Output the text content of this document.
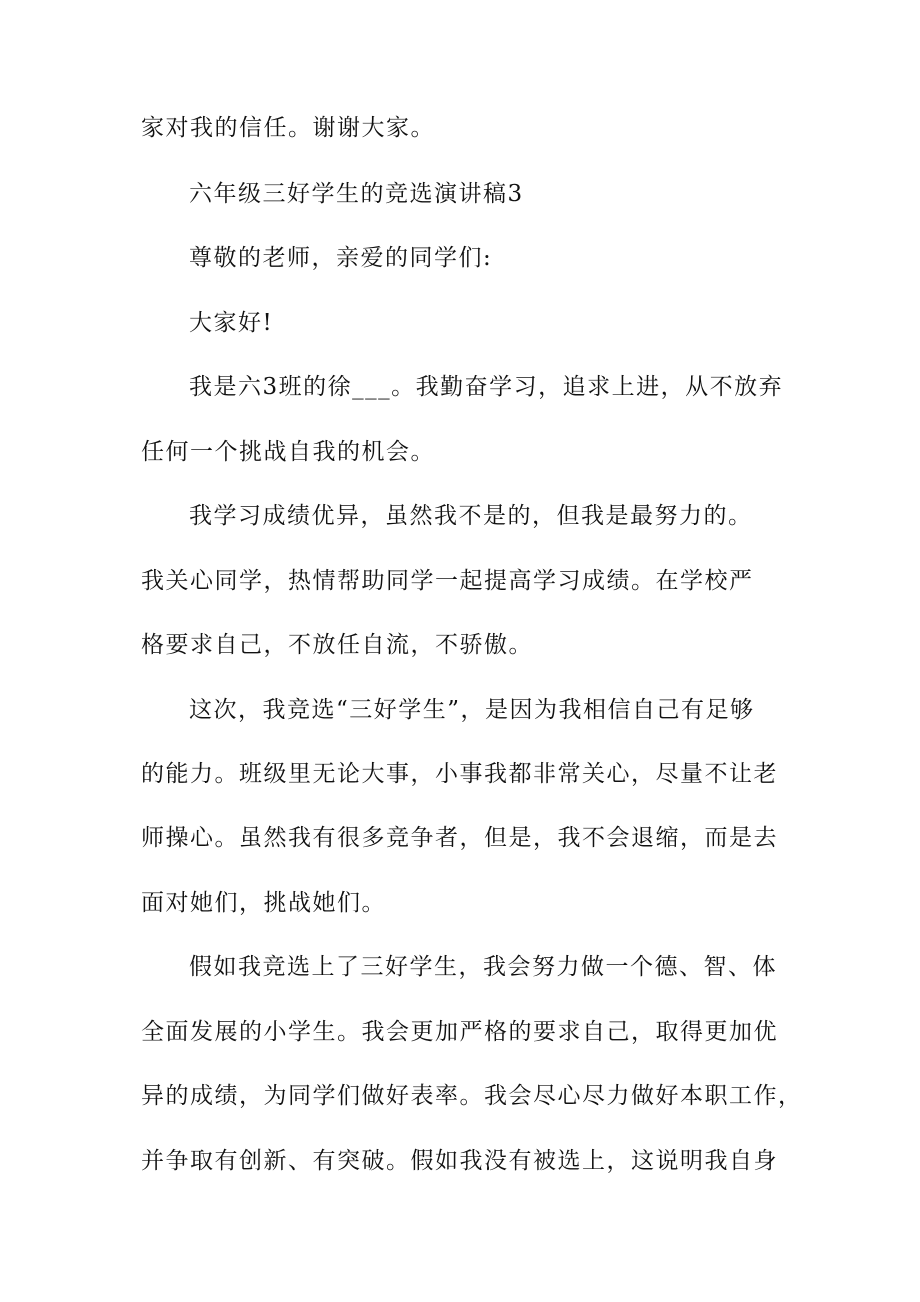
家对我的信任。谢谢大家。
六年级三好学生的竞选演讲稿3
尊敬的老师，亲爱的同学们:
大家好!
我是六3班的徐___。我勤奋学习，追求上进，从不放弃
任何一个挑战自我的机会。
我学习成绩优异，虽然我不是的，但我是最努力的。
我关心同学，热情帮助同学一起提高学习成绩。在学校严
格要求自己，不放任自流，不骄傲。
这次，我竞选“三好学生”，是因为我相信自己有足够
的能力。班级里无论大事，小事我都非常关心，尽量不让老
师操心。虽然我有很多竞争者，但是，我不会退缩，而是去
面对她们，挑战她们。
假如我竞选上了三好学生，我会努力做一个德、智、体
全面发展的小学生。我会更加严格的要求自己，取得更加优
异的成绩，为同学们做好表率。我会尽心尽力做好本职工作，
并争取有创新、有突破。假如我没有被选上，这说明我自身
